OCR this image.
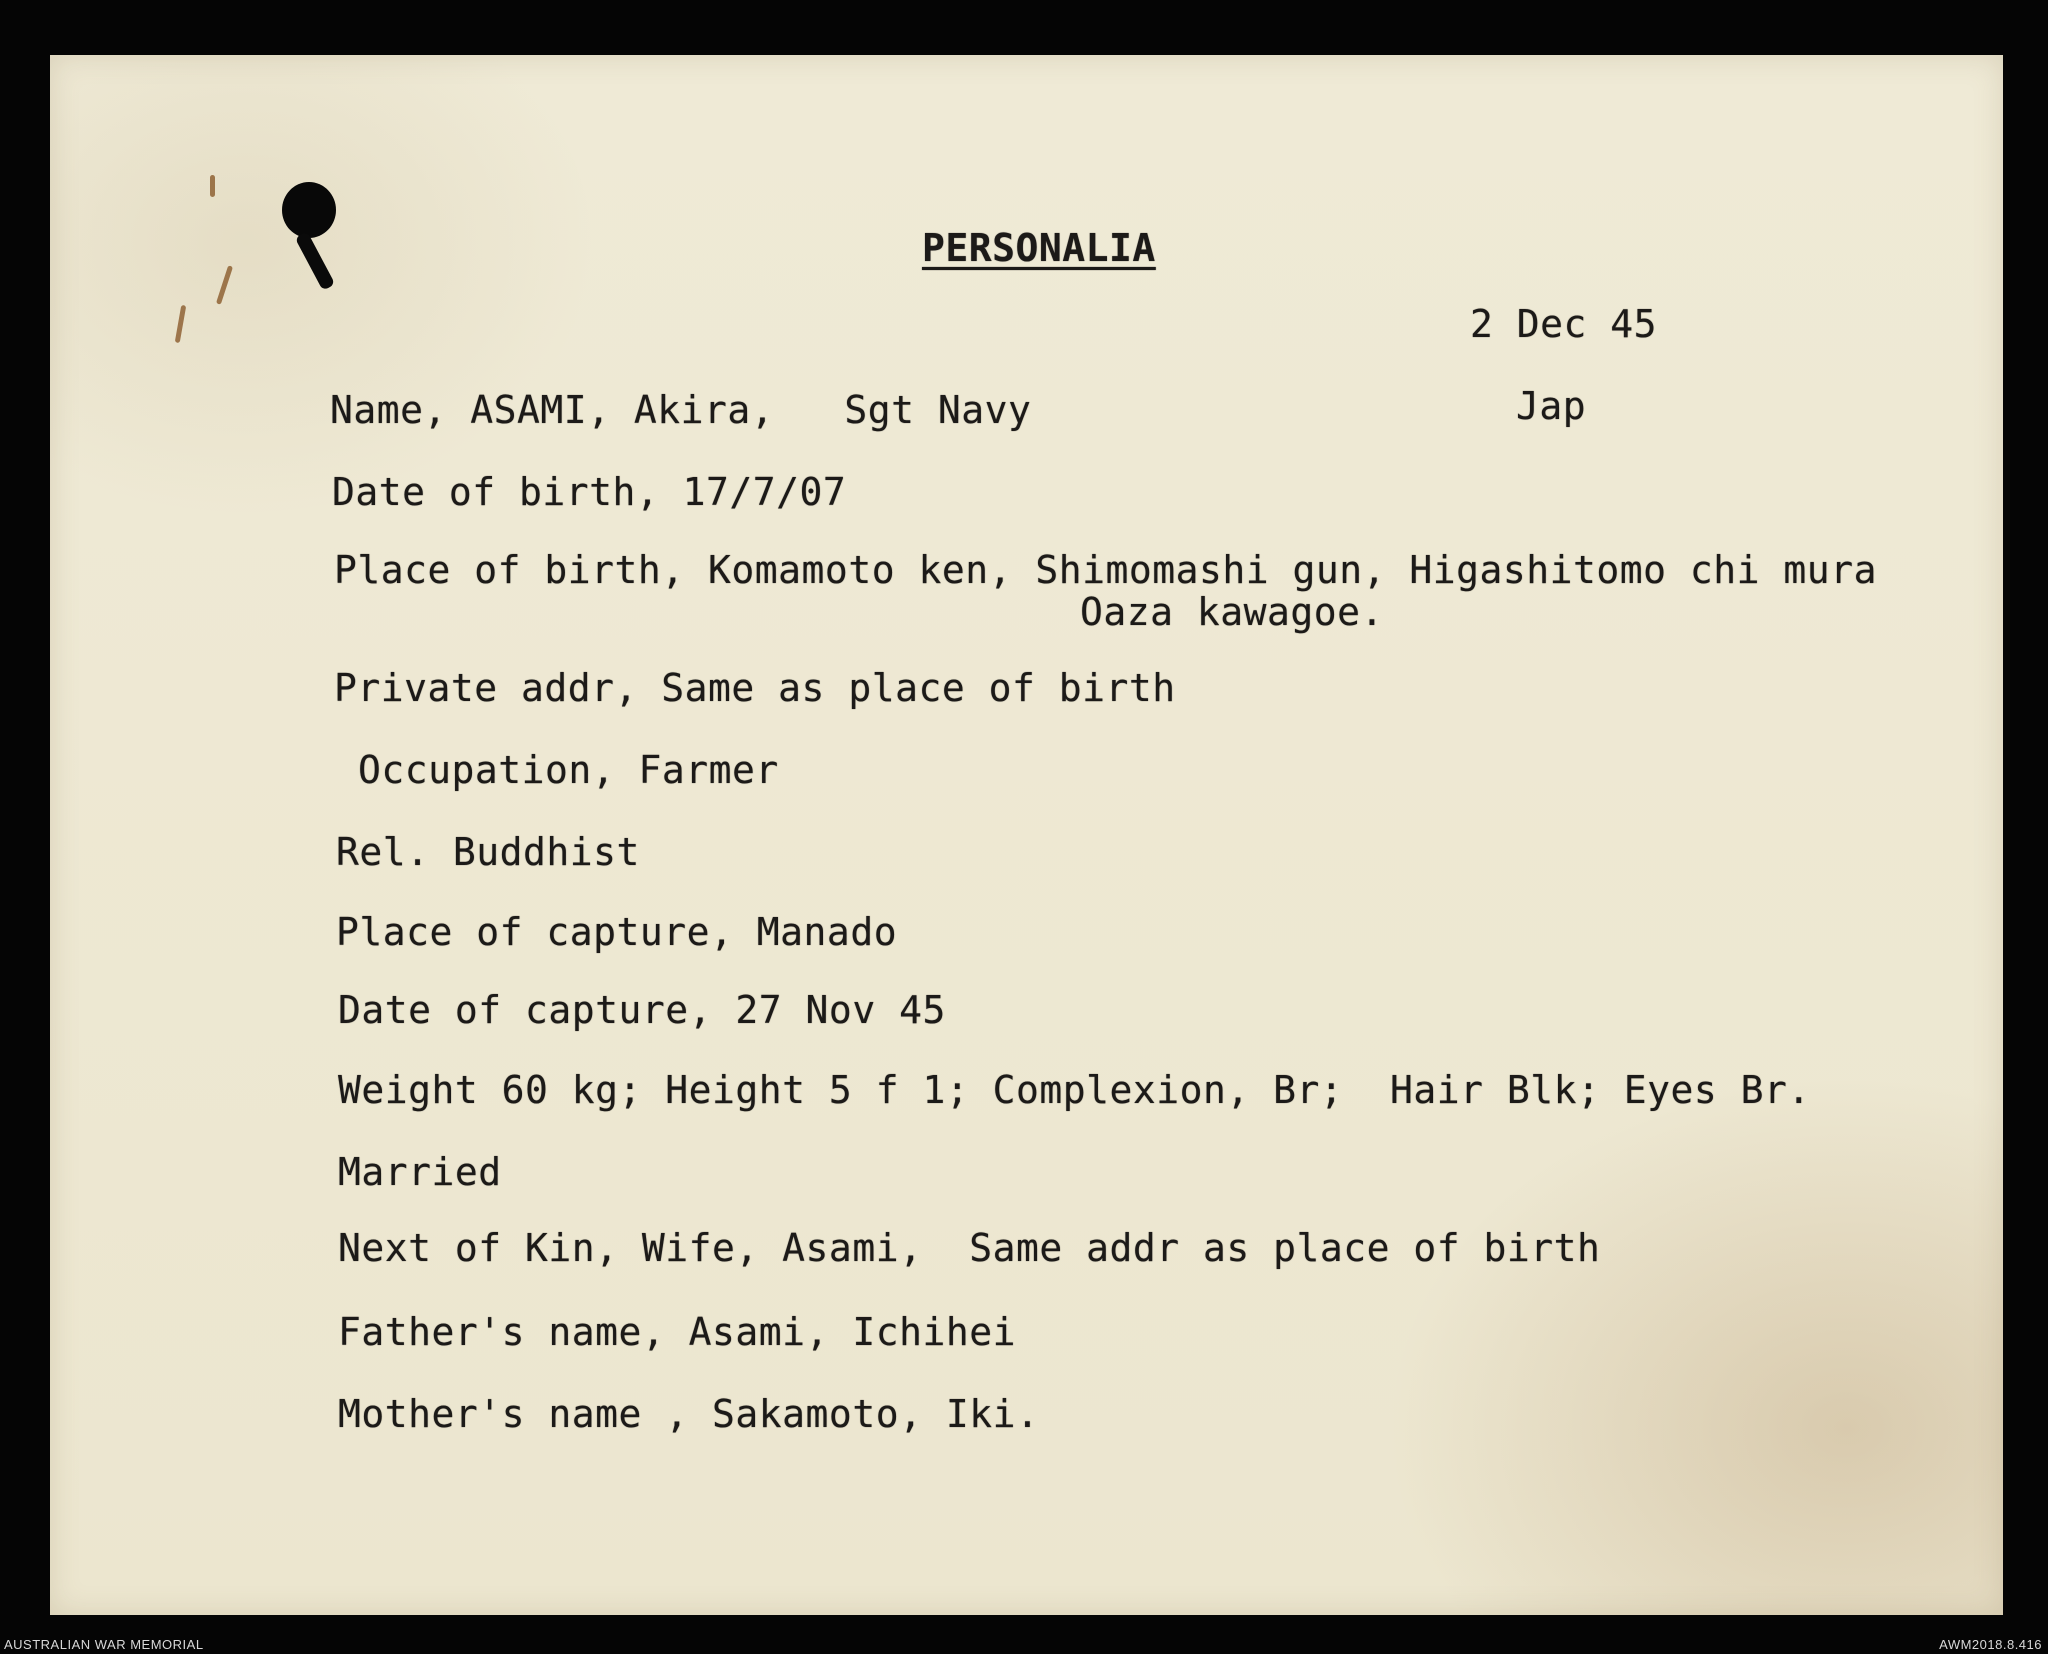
PERSONALIA
2 Dec 45
Name, ASAMI, Akira,   Sgt Navy	Jap
Date of birth, 17/7/07
Place of birth, Komamoto ken, Shimomashi gun, Higashitomo chi mura
Oaza kawagoe.
Private addr, Same as place of birth
Occupation, Farmer
Rel. Buddhist
Place of capture, Manado
Date of capture, 27 Nov 45
Weight 60 kg; Height 5 f 1; Complexion, Br;  Hair Blk; Eyes Br.
Married
Next of Kin, Wife, Asami,  Same addr as place of birth
Father's name, Asami, Ichihei
Mother's name , Sakamoto, Iki.
AUSTRALIAN WAR MEMORIAL	AWM2018.8.416
